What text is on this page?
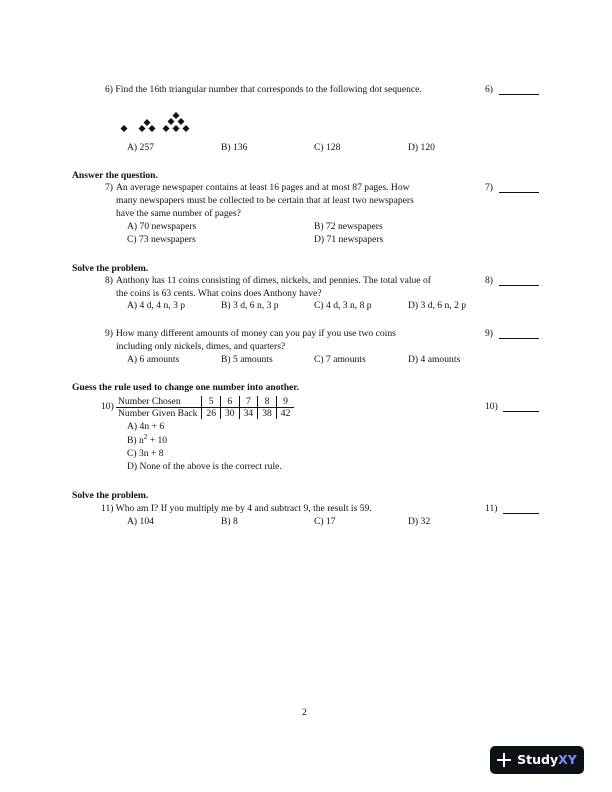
6) Find the 16th triangular number that corresponds to the following dot sequence.	6)
A) 257	B) 136	C) 128	D) 120
Answer the question.
7) An average newspaper contains at least 16 pages and at most 87 pages. How
many newspapers must be collected to be certain that at least two newspapers
have the same number of pages?
7)
A) 70 newspapers	B) 72 newspapers
C) 73 newspapers	D) 71 newspapers
Solve the problem.
8) Anthony has 11 coins consisting of dimes, nickels, and pennies. The total value of
the coins is 63 cents. What coins does Anthony have?
8)
A) 4 d, 4 n, 3 p	B) 3 d, 6 n, 3 p	C) 4 d, 3 n, 8 p	D) 3 d, 6 n, 2 p
9) How many different amounts of money can you pay if you use two coins
including only nickels, dimes, and quarters?
9)
A) 6 amounts	B) 5 amounts	C) 7 amounts	D) 4 amounts
Guess the rule used to change one number into another.
10) Number Chosen	5	6	7	8	9
Number Given Back	26	30	34	38	42
10)
A) 4n + 6
B) $n^2 + 10$
C) 3n + 8
D) None of the above is the correct rule.
Solve the problem.
11) Who am I? If you multiply me by 4 and subtract 9, the result is 59.	11)
A) 104	B) 8	C) 17	D) 32
2
StudyXY
